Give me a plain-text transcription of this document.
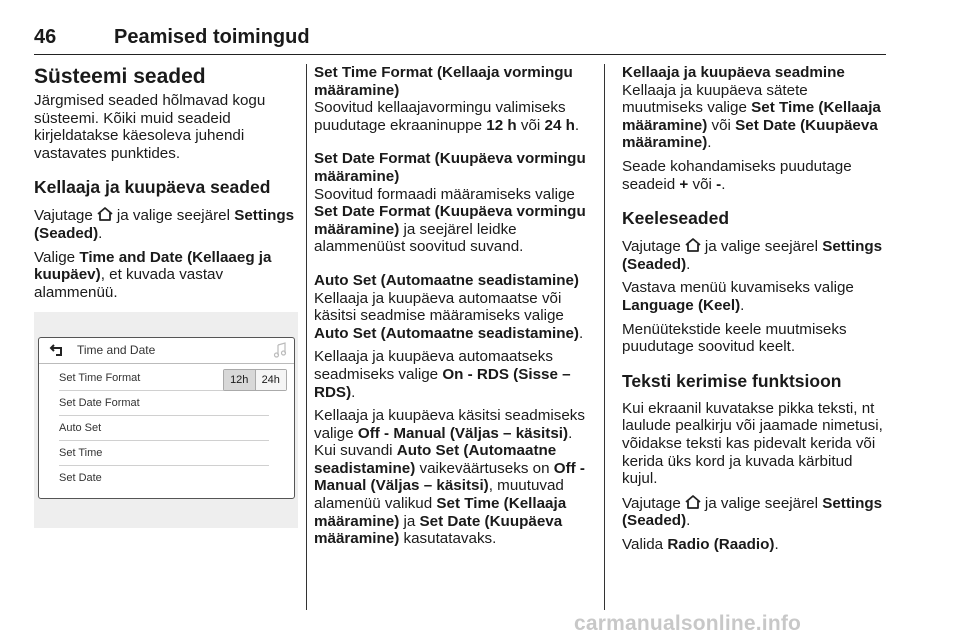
46	Peamised toimingud
Süsteemi seaded

Järgmised seaded hõlmavad kogu süsteemi. Kõiki muid seadeid kirjeldatakse käesoleva juhendi vastavates punktides.

Kellaaja ja kuupäeva seaded

Vajutage ja valige seejärel Settings (Seaded).

Valige Time and Date (Kellaaeg ja kuupäev), et kuvada vastav alammenüü.

Time and Date
Set Time Format
Set Date Format
Auto Set
Set Time
Set Date
12h	24h

Set Time Format (Kellaaja vormingu määramine)

Soovitud kellaajavormingu valimiseks puudutage ekraaninuppe 12 h või 24 h.

Set Date Format (Kuupäeva vormingu määramine)

Soovitud formaadi määramiseks valige Set Date Format (Kuupäeva vormingu määramine) ja seejärel leidke alammenüüst soovitud suvand.

Auto Set (Automaatne seadistamine)

Kellaaja ja kuupäeva automaatse või käsitsi seadmise määramiseks valige Auto Set (Automaatne seadistamine).

Kellaaja ja kuupäeva automaatseks seadmiseks valige On - RDS (Sisse – RDS).

Kellaaja ja kuupäeva käsitsi seadmiseks valige Off - Manual (Väljas – käsitsi). Kui suvandi Auto Set (Automaatne seadistamine) vaikeväärtuseks on Off - Manual (Väljas – käsitsi), muutuvad alamenüü valikud Set Time (Kellaaja määramine) ja Set Date (Kuupäeva määramine) kasutatavaks.

Kellaaja ja kuupäeva seadmine

Kellaaja ja kuupäeva sätete muutmiseks valige Set Time (Kellaaja määramine) või Set Date (Kuupäeva määramine).

Seade kohandamiseks puudutage seadeid + või -.

Keeleseaded

Vajutage ja valige seejärel Settings (Seaded).

Vastava menüü kuvamiseks valige Language (Keel).

Menüütekstide keele muutmiseks puudutage soovitud keelt.

Teksti kerimise funktsioon

Kui ekraanil kuvatakse pikka teksti, nt laulude pealkirju või jaamade nimetusi, võidakse teksti kas pidevalt kerida või kerida üks kord ja kuvada kärbitud kujul.

Vajutage ja valige seejärel Settings (Seaded).

Valida Radio (Raadio).

carmanualsonline.info
